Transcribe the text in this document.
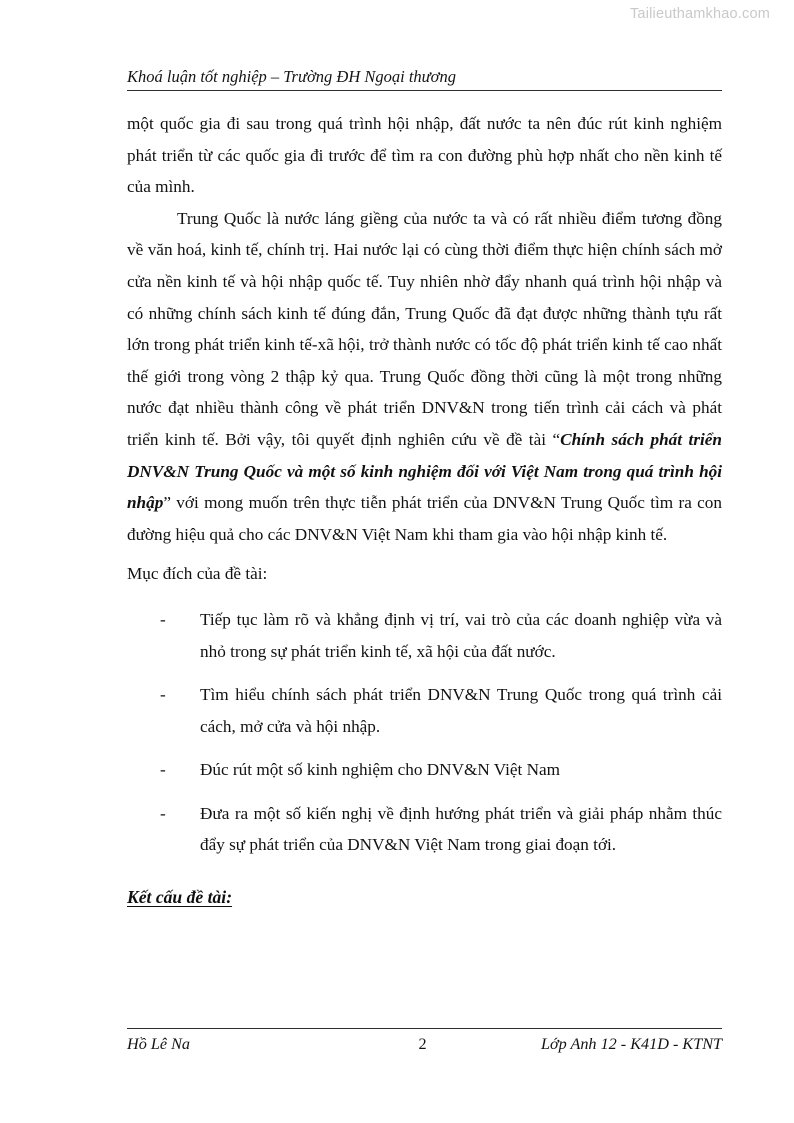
Tailieuthamkhao.com
Khoá luận tốt nghiệp – Trường ĐH Ngoại thương

một quốc gia đi sau trong quá trình hội nhập, đất nước ta nên đúc rút kinh nghiệm phát triển từ các quốc gia đi trước để tìm ra con đường phù hợp nhất cho nền kinh tế của mình.

Trung Quốc là nước láng giềng của nước ta và có rất nhiều điểm tương đồng về văn hoá, kinh tế, chính trị. Hai nước lại có cùng thời điểm thực hiện chính sách mở cửa nền kinh tế và hội nhập quốc tế. Tuy nhiên nhờ đẩy nhanh quá trình hội nhập và có những chính sách kinh tế đúng đắn, Trung Quốc đã đạt được những thành tựu rất lớn trong phát triển kinh tế-xã hội, trở thành nước có tốc độ phát triển kinh tế cao nhất thế giới trong vòng 2 thập kỷ qua. Trung Quốc đồng thời cũng là một trong những nước đạt nhiều thành công về phát triển DNV&N trong tiến trình cải cách và phát triển kinh tế. Bởi vậy, tôi quyết định nghiên cứu về đề tài “Chính sách phát triển DNV&N Trung Quốc và một số kinh nghiệm đối với Việt Nam trong quá trình hội nhập” với mong muốn trên thực tiễn phát triển của DNV&N Trung Quốc tìm ra con đường hiệu quả cho các DNV&N Việt Nam khi tham gia vào hội nhập kinh tế.

Mục đích của đề tài:

- Tiếp tục làm rõ và khẳng định vị trí, vai trò của các doanh nghiệp vừa và nhỏ trong sự phát triển kinh tế, xã hội của đất nước.
- Tìm hiểu chính sách phát triển DNV&N Trung Quốc trong quá trình cải cách, mở cửa và hội nhập.
- Đúc rút một số kinh nghiệm cho DNV&N Việt Nam
- Đưa ra một số kiến nghị về định hướng phát triển và giải pháp nhằm thúc đẩy sự phát triển của DNV&N Việt Nam trong giai đoạn tới.
Kết cấu đề tài:
Hồ Lê Na	2	Lớp Anh 12 - K41D - KTNT
